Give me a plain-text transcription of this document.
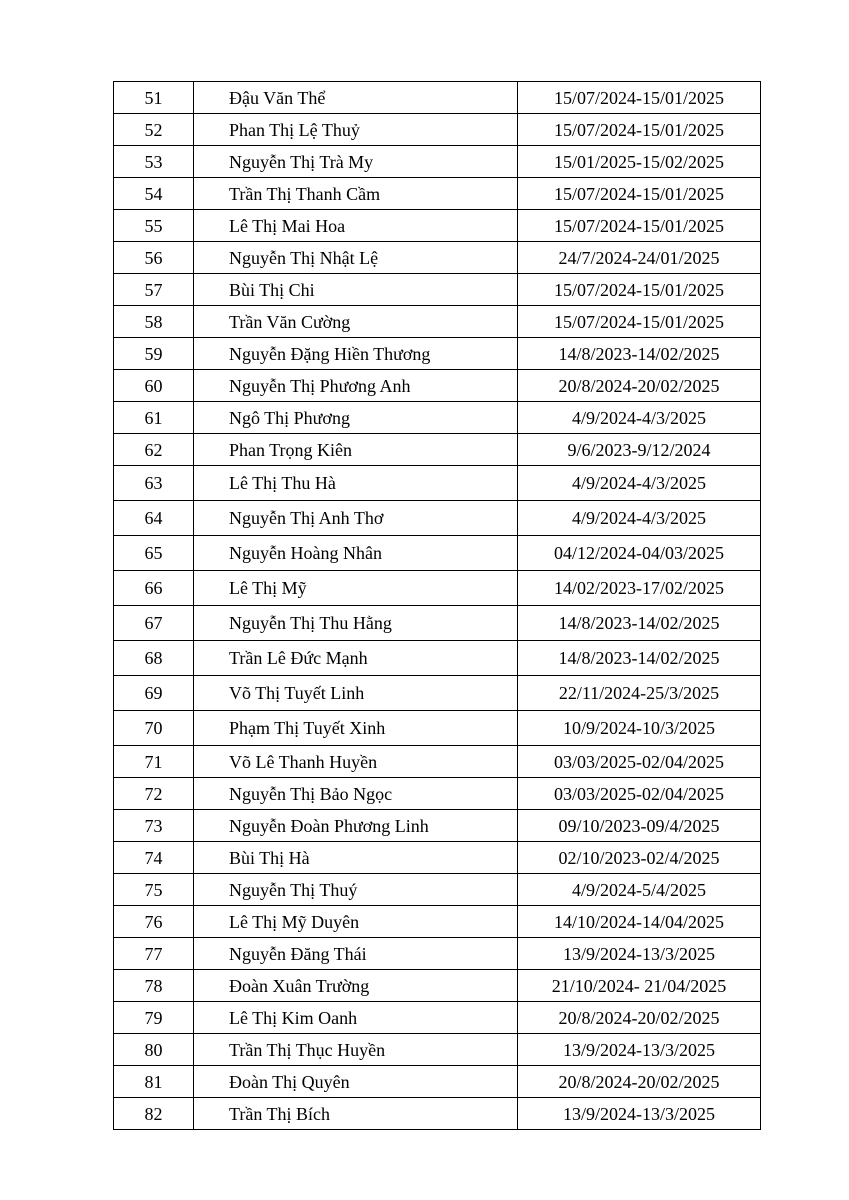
51	Đậu Văn Thể	15/07/2024-15/01/2025
52	Phan Thị Lệ Thuỷ	15/07/2024-15/01/2025
53	Nguyễn Thị Trà My	15/01/2025-15/02/2025
54	Trần Thị Thanh Cầm	15/07/2024-15/01/2025
55	Lê Thị Mai Hoa	15/07/2024-15/01/2025
56	Nguyễn Thị Nhật Lệ	24/7/2024-24/01/2025
57	Bùi Thị Chi	15/07/2024-15/01/2025
58	Trần Văn Cường	15/07/2024-15/01/2025
59	Nguyễn Đặng Hiền Thương	14/8/2023-14/02/2025
60	Nguyễn Thị Phương Anh	20/8/2024-20/02/2025
61	Ngô Thị Phương	4/9/2024-4/3/2025
62	Phan Trọng Kiên	9/6/2023-9/12/2024
63	Lê Thị Thu Hà	4/9/2024-4/3/2025
64	Nguyễn Thị Anh Thơ	4/9/2024-4/3/2025
65	Nguyễn Hoàng Nhân	04/12/2024-04/03/2025
66	Lê Thị Mỹ	14/02/2023-17/02/2025
67	Nguyễn Thị Thu Hằng	14/8/2023-14/02/2025
68	Trần Lê Đức Mạnh	14/8/2023-14/02/2025
69	Võ Thị Tuyết Linh	22/11/2024-25/3/2025
70	Phạm Thị Tuyết Xinh	10/9/2024-10/3/2025
71	Võ Lê Thanh Huyền	03/03/2025-02/04/2025
72	Nguyễn Thị Bảo Ngọc	03/03/2025-02/04/2025
73	Nguyễn Đoàn Phương Linh	09/10/2023-09/4/2025
74	Bùi Thị Hà	02/10/2023-02/4/2025
75	Nguyễn Thị Thuý	4/9/2024-5/4/2025
76	Lê Thị Mỹ Duyên	14/10/2024-14/04/2025
77	Nguyễn Đăng Thái	13/9/2024-13/3/2025
78	Đoàn Xuân Trường	21/10/2024- 21/04/2025
79	Lê Thị Kim Oanh	20/8/2024-20/02/2025
80	Trần Thị Thục Huyền	13/9/2024-13/3/2025
81	Đoàn Thị Quyên	20/8/2024-20/02/2025
82	Trần Thị Bích	13/9/2024-13/3/2025
